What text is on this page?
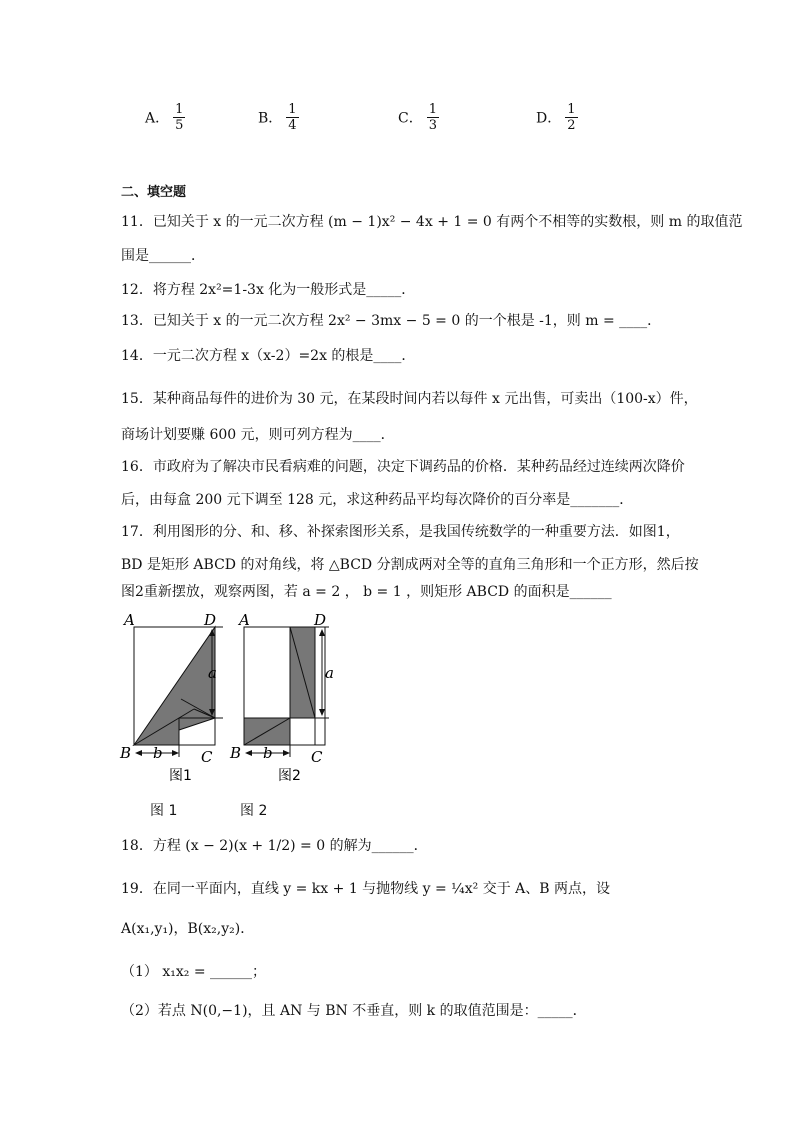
A． $\frac{1}{5}$	B． $\frac{1}{4}$	C． $\frac{1}{3}$	D． $\frac{1}{2}$
二、填空题
11．已知关于 x 的一元二次方程 (m − 1)x² − 4x + 1 = 0 有两个不相等的实数根，则 m 的取值范
围是______．
12．将方程 2x²=1-3x 化为一般形式是_____．
13．已知关于 x 的一元二次方程 2x² − 3mx − 5 = 0 的一个根是 -1，则 m = ____．
14．一元二次方程 x（x-2）=2x 的根是____．
15．某种商品每件的进价为 30 元，在某段时间内若以每件 x 元出售，可卖出（100-x）件，
商场计划要赚 600 元，则可列方程为____．
16．市政府为了解决市民看病难的问题，决定下调药品的价格．某种药品经过连续两次降价
后，由每盒 200 元下调至 128 元，求这种药品平均每次降价的百分率是_______．
17．利用图形的分、和、移、补探索图形关系，是我国传统数学的一种重要方法．如图1，
BD 是矩形 ABCD 的对角线，将 △BCD 分割成两对全等的直角三角形和一个正方形，然后按
图2重新摆放，观察两图，若 a = 2 ， b = 1 ，则矩形 ABCD 的面积是______
A	D
B	C
a
b
图1
A	D
B	C
a
b
图2
图 1	图 2
18．方程 (x − 2)(x + 1/2) = 0 的解为______．
19．在同一平面内，直线 y = kx + 1 与抛物线 y = ¼x² 交于 A、B 两点，设
A(x₁,y₁)，B(x₂,y₂)．
（1） x₁x₂ = ______；
（2）若点 N(0,−1)，且 AN 与 BN 不垂直，则 k 的取值范围是：_____．
